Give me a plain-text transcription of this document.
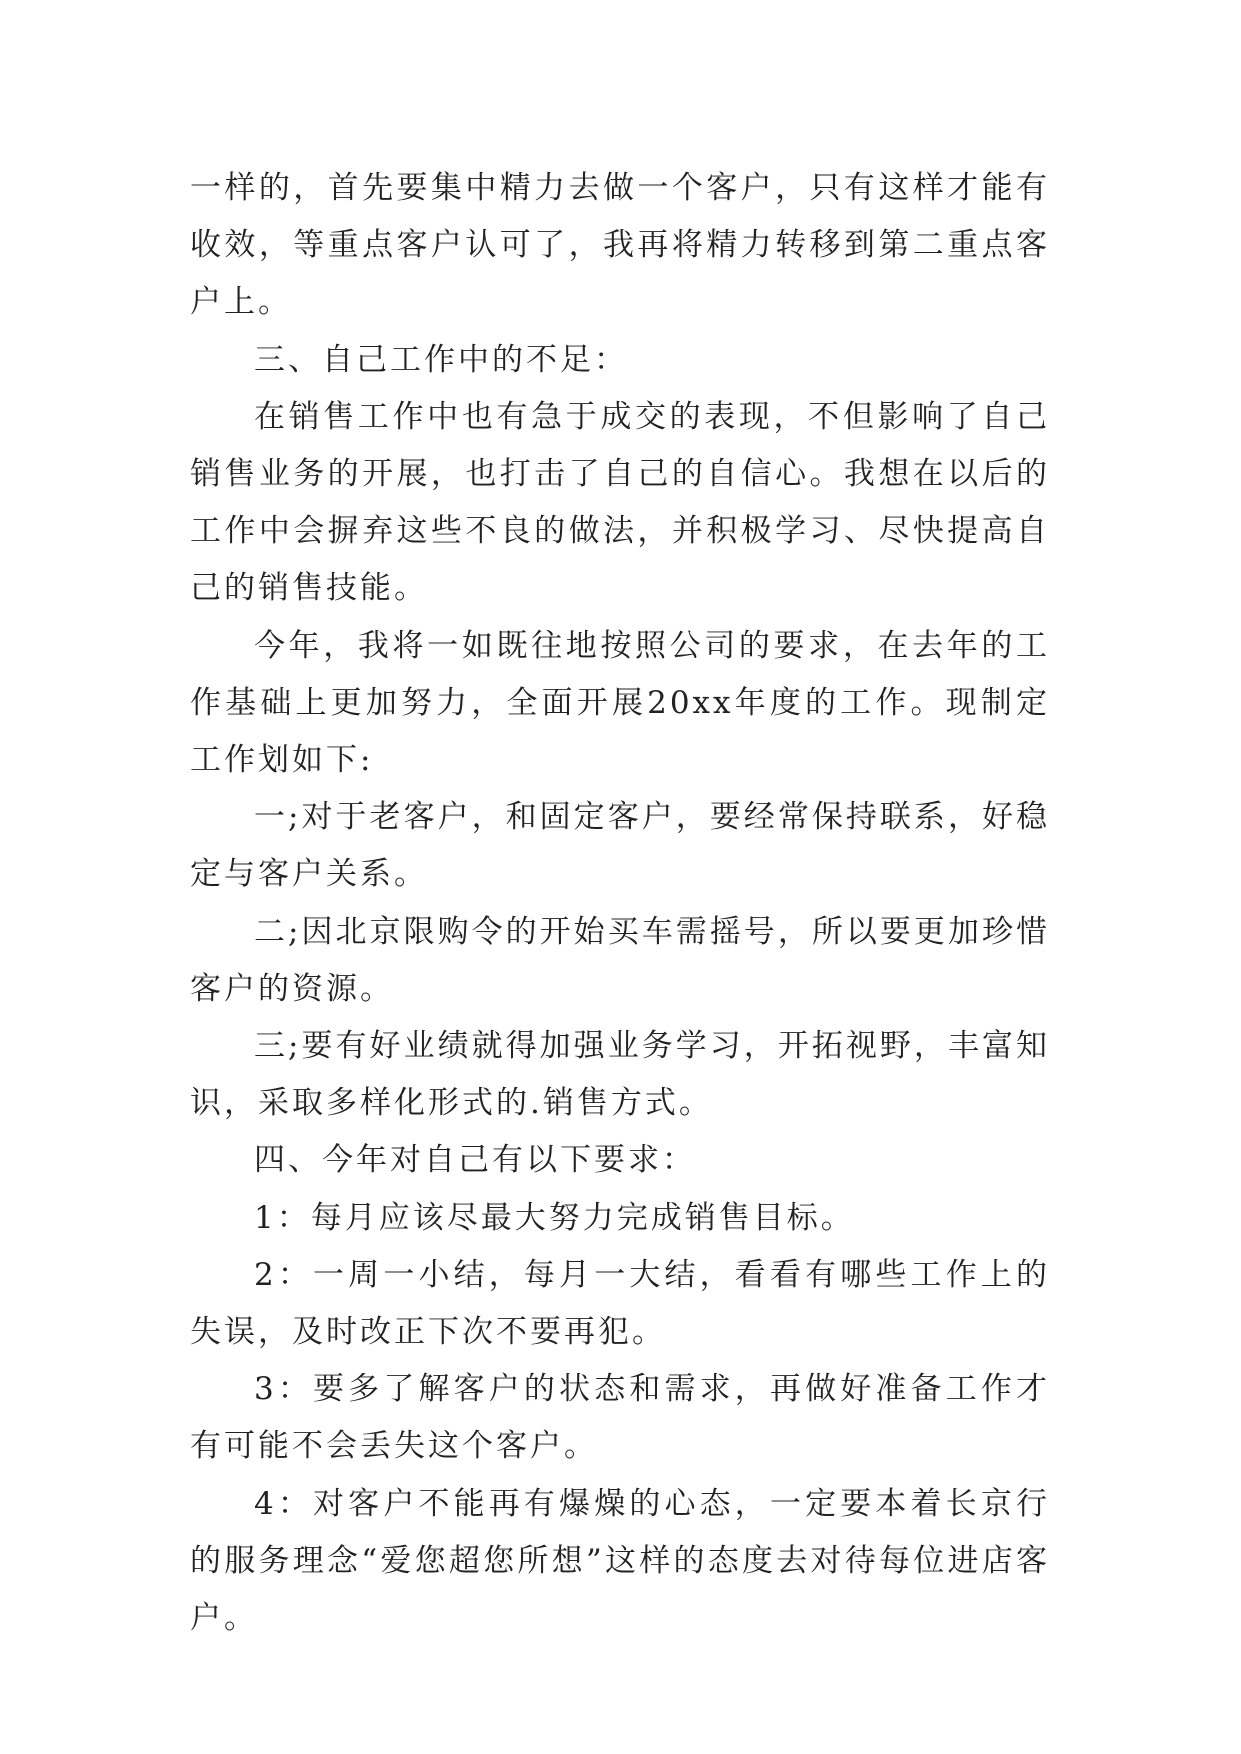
一样的，首先要集中精力去做一个客户，只有这样才能有收效，等重点客户认可了，我再将精力转移到第二重点客户上。

三、自己工作中的不足：

在销售工作中也有急于成交的表现，不但影响了自己销售业务的开展，也打击了自己的自信心。我想在以后的工作中会摒弃这些不良的做法，并积极学习、尽快提高自己的销售技能。

今年，我将一如既往地按照公司的要求，在去年的工作基础上更加努力，全面开展20xx年度的工作。现制定工作划如下:

一;对于老客户，和固定客户，要经常保持联系，好稳定与客户关系。

二;因北京限购令的开始买车需摇号，所以要更加珍惜客户的资源。

三;要有好业绩就得加强业务学习，开拓视野，丰富知识，采取多样化形式的.销售方式。

四、今年对自己有以下要求：

1：每月应该尽最大努力完成销售目标。

2：一周一小结，每月一大结，看看有哪些工作上的失误，及时改正下次不要再犯。

3：要多了解客户的状态和需求，再做好准备工作才有可能不会丢失这个客户。

4：对客户不能再有爆燥的心态，一定要本着长京行的服务理念“爱您超您所想”这样的态度去对待每位进店客户。
